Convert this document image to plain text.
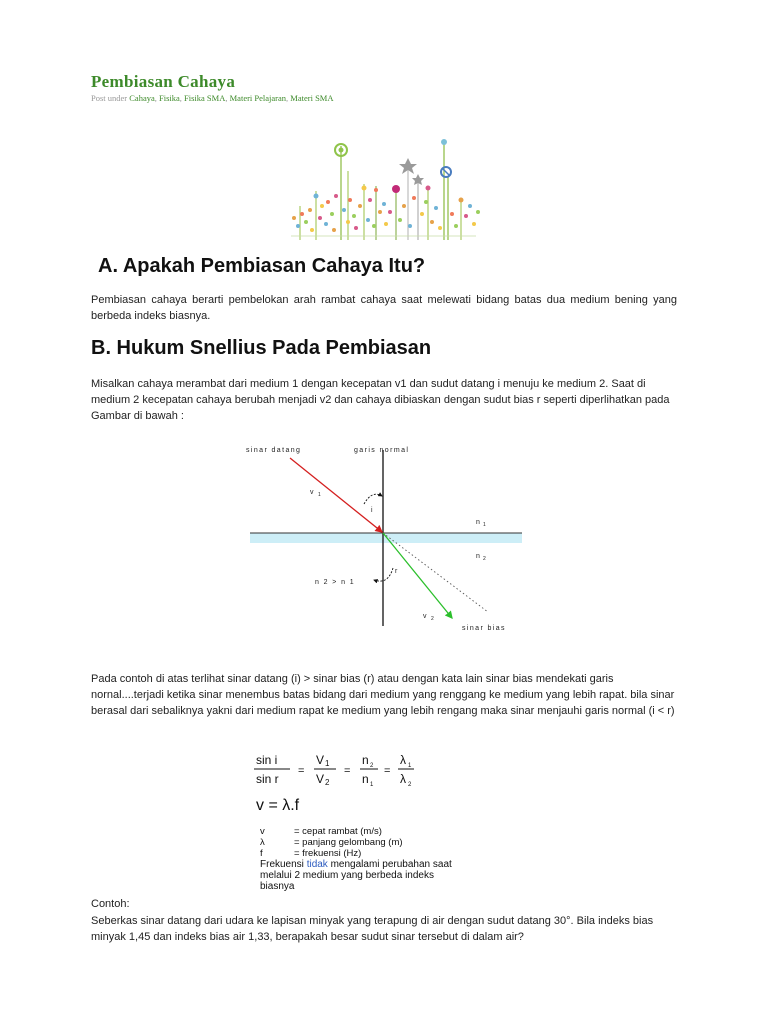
Pembiasan Cahaya
Post under Cahaya, Fisika, Fisika SMA, Materi Pelajaran, Materi SMA
A. Apakah Pembiasan Cahaya Itu?
Pembiasan cahaya berarti pembelokan arah rambat cahaya saat melewati bidang batas dua medium bening yang berbeda indeks biasnya.
B. Hukum Snellius Pada Pembiasan
Misalkan cahaya merambat dari medium 1 dengan kecepatan v1 dan sudut datang i menuju ke medium 2. Saat di medium 2 kecepatan cahaya berubah menjadi v2 dan cahaya dibiaskan dengan sudut bias r seperti diperlihatkan pada Gambar di bawah :
sinar datang	garis normal
v 1
i
n 1
n 2
r
n 2 > n 1
v 2
sinar bias
Pada contoh di atas terlihat sinar datang (i) > sinar bias (r) atau dengan kata lain sinar bias mendekati garis nornal....terjadi ketika sinar menembus batas bidang dari medium yang renggang ke medium yang lebih rapat. bila sinar berasal dari sebaliknya yakni dari medium rapat ke medium yang lebih rengang maka sinar menjauhi garis normal (i < r)
sin i
sin r
=
V 1
V 2
=
n 2
n 1
=
λ 1
λ 2
v = λ.f
v	= cepat rambat (m/s)
λ	= panjang gelombang (m)
f	= frekuensi (Hz)
Frekuensi tidak mengalami perubahan saat
melalui 2 medium yang berbeda indeks
biasnya
Contoh:
Seberkas sinar datang dari udara ke lapisan minyak yang terapung di air dengan sudut datang 30°. Bila indeks bias minyak 1,45 dan indeks bias air 1,33, berapakah besar sudut sinar tersebut di dalam air?
